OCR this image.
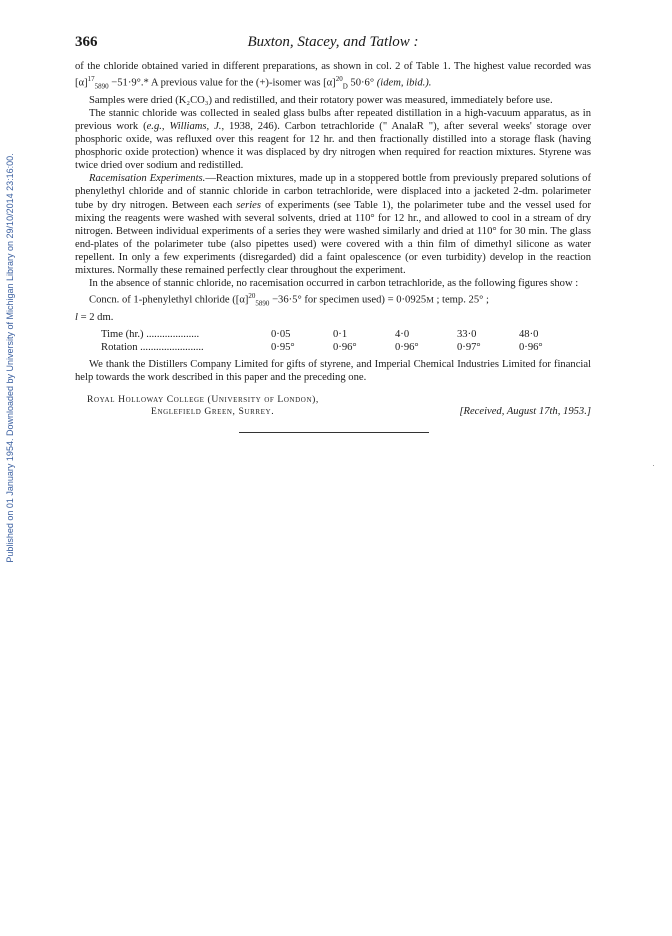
Published on 01 January 1954. Downloaded by University of Michigan Library on 29/10/2014 23:16:00.
366	Buxton, Stacey, and Tatlow :

of the chloride obtained varied in different preparations, as shown in col. 2 of Table 1. The highest value recorded was $[\alpha]^{17}_{5890} -51\cdot 9^\circ.*$ A previous value for the (+)-isomer was $[\alpha]^{20}_D$ 50·6° (idem, ibid.).

Samples were dried (K₂CO₃) and redistilled, and their rotatory power was measured, immediately before use.

The stannic chloride was collected in sealed glass bulbs after repeated distillation in a high-vacuum apparatus, as in previous work (e.g., Williams, J., 1938, 246). Carbon tetrachloride (" AnalaR "), after several weeks' storage over phosphoric oxide, was refluxed over this reagent for 12 hr. and then fractionally distilled into a storage flask (having phosphoric oxide protection) whence it was displaced by dry nitrogen when required for reaction mixtures. Styrene was twice dried over sodium and redistilled.

Racemisation Experiments.—Reaction mixtures, made up in a stoppered bottle from previously prepared solutions of phenylethyl chloride and of stannic chloride in carbon tetrachloride, were displaced into a jacketed 2-dm. polarimeter tube by dry nitrogen. Between each series of experiments (see Table 1), the polarimeter tube and the vessel used for mixing the reagents were washed with several solvents, dried at 110° for 12 hr., and allowed to cool in a stream of dry nitrogen. Between individual experiments of a series they were washed similarly and dried at 110° for 30 min. The glass end-plates of the polarimeter tube (also pipettes used) were covered with a thin film of dimethyl silicone as water repellent. In only a few experiments (disregarded) did a faint opalescence (or even turbidity) develop in the reaction mixtures. Normally these remained perfectly clear throughout the experiment.

In the absence of stannic chloride, no racemisation occurred in carbon tetrachloride, as the following figures show :

Concn. of 1-phenylethyl chloride ($[\alpha]^{20}_{5890} -36\cdot 5^\circ$ for specimen used) = 0·0925M ; temp. 25° ;
l = 2 dm.

Time (hr.) ....................	0·05	0·1	4·0	33·0	48·0
Rotation ........................	0·95°	0·96°	0·96°	0·97°	0·96°

We thank the Distillers Company Limited for gifts of styrene, and Imperial Chemical Industries Limited for financial help towards the work described in this paper and the preceding one.

Royal Holloway College (University of London),
Englefield Green, Surrey.	[Received, August 17th, 1953.]
